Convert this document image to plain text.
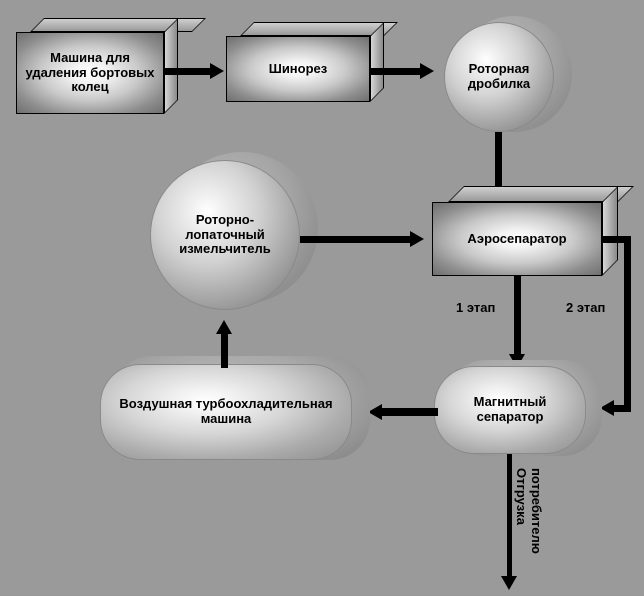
Машина для удаления бортовых колец
Шинорез	Роторная дробилка
Аэросепаратор
Роторно-лопаточный измельчитель
1 этап	2 этап
Магнитный сепаратор
Воздушная турбоохладительная машина
Отгрузка потребителю
